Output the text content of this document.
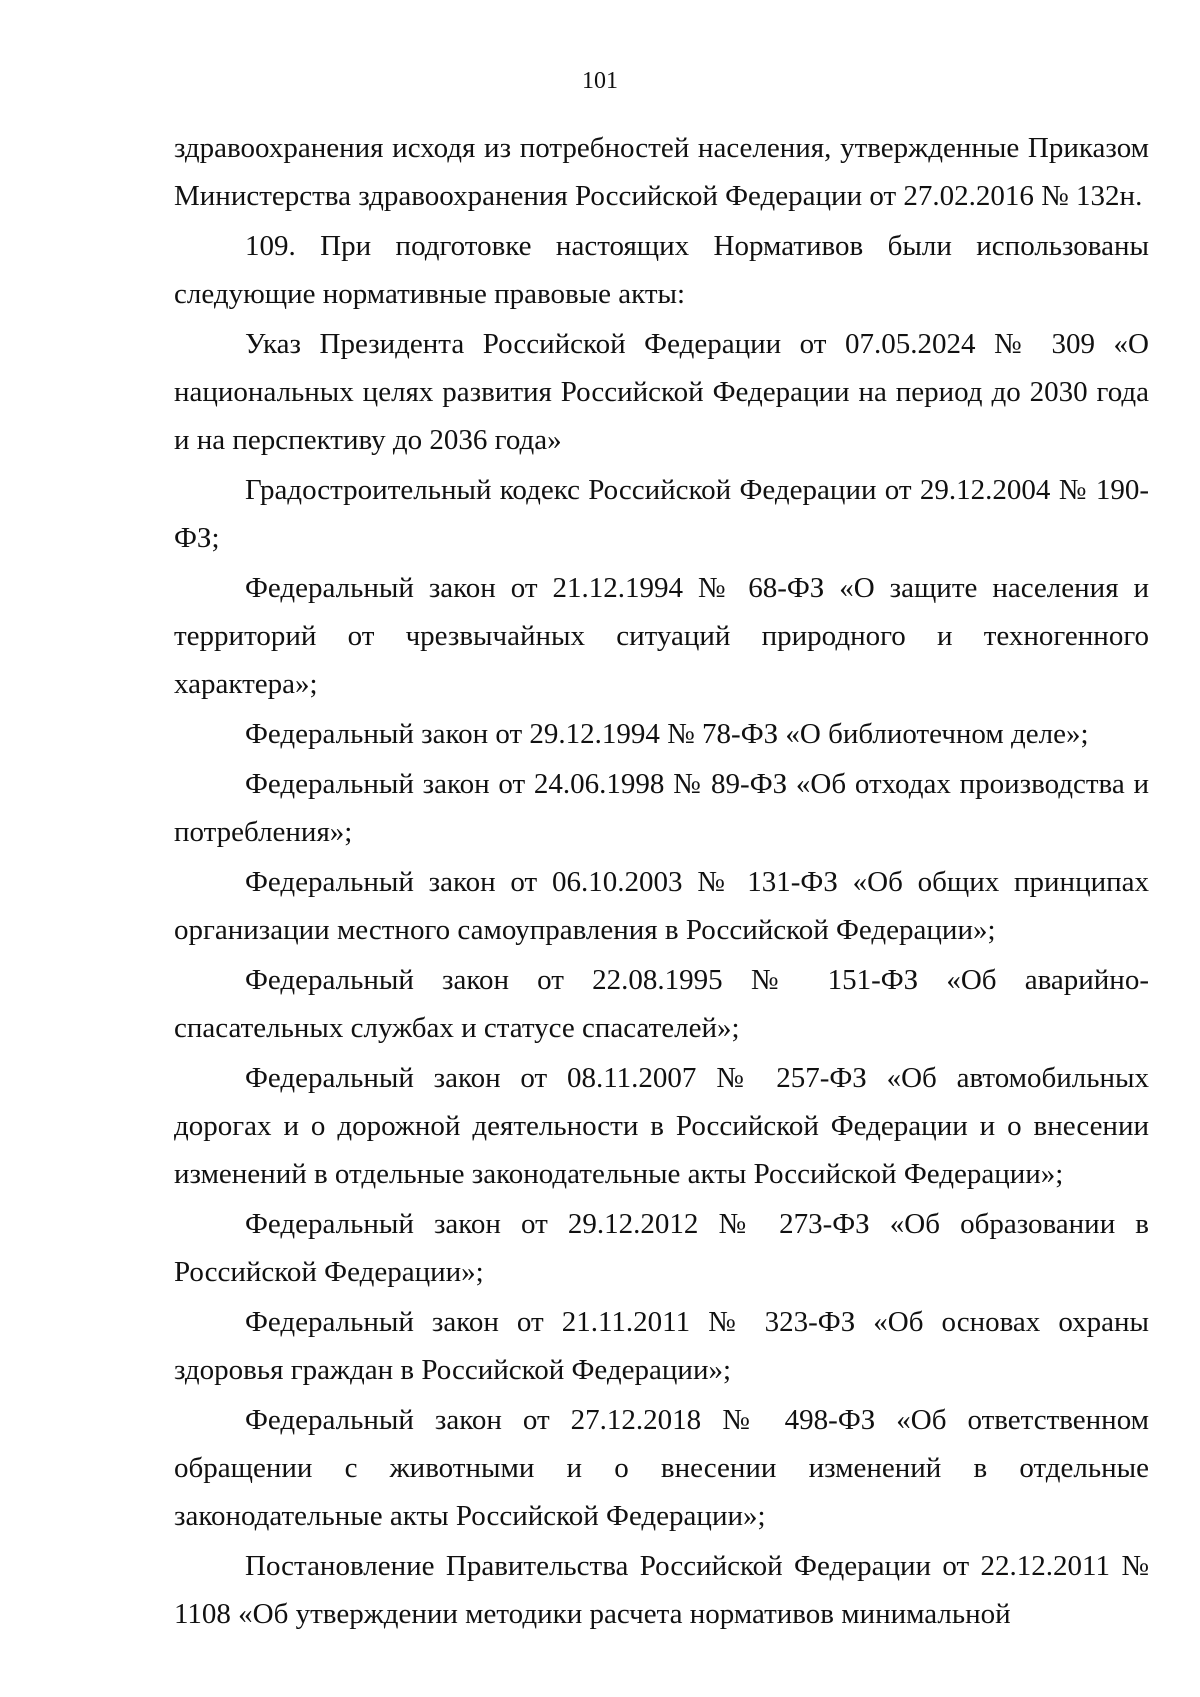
101

здравоохранения исходя из потребностей населения, утвержденные Приказом Министерства здравоохранения Российской Федерации от 27.02.2016 № 132н.

109. При подготовке настоящих Нормативов были использованы следующие нормативные правовые акты:

Указ Президента Российской Федерации от 07.05.2024 № 309 «О национальных целях развития Российской Федерации на период до 2030 года и на перспективу до 2036 года»

Градостроительный кодекс Российской Федерации от 29.12.2004 № 190-ФЗ;

Федеральный закон от 21.12.1994 № 68-ФЗ «О защите населения и территорий от чрезвычайных ситуаций природного и техногенного характера»;

Федеральный закон от 29.12.1994 № 78-ФЗ «О библиотечном деле»;

Федеральный закон от 24.06.1998 № 89-ФЗ «Об отходах производства и потребления»;

Федеральный закон от 06.10.2003 № 131-ФЗ «Об общих принципах организации местного самоуправления в Российской Федерации»;

Федеральный закон от 22.08.1995 № 151-ФЗ «Об аварийно-спасательных службах и статусе спасателей»;

Федеральный закон от 08.11.2007 № 257-ФЗ «Об автомобильных дорогах и о дорожной деятельности в Российской Федерации и о внесении изменений в отдельные законодательные акты Российской Федерации»;

Федеральный закон от 29.12.2012 № 273-ФЗ «Об образовании в Российской Федерации»;

Федеральный закон от 21.11.2011 № 323-ФЗ «Об основах охраны здоровья граждан в Российской Федерации»;

Федеральный закон от 27.12.2018 № 498-ФЗ «Об ответственном обращении с животными и о внесении изменений в отдельные законодательные акты Российской Федерации»;

Постановление Правительства Российской Федерации от 22.12.2011 № 1108 «Об утверждении методики расчета нормативов минимальной
